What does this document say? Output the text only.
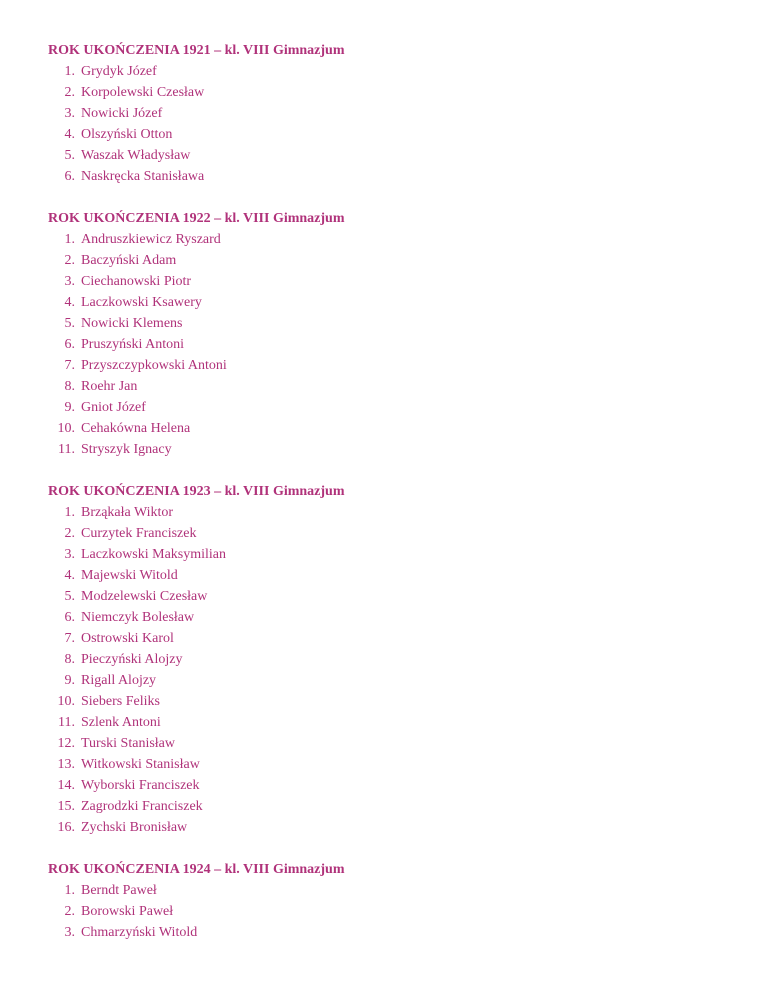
ROK UKOŃCZENIA 1921 – kl. VIII Gimnazjum
1. Grydyk Józef
2. Korpolewski Czesław
3. Nowicki Józef
4. Olszyński Otton
5. Waszak Władysław
6. Naskręcka Stanisława
ROK UKOŃCZENIA 1922 – kl. VIII Gimnazjum
1. Andruszkiewicz Ryszard
2. Baczyński Adam
3. Ciechanowski Piotr
4. Laczkowski Ksawery
5. Nowicki Klemens
6. Pruszyński Antoni
7. Przyszczypkowski Antoni
8. Roehr Jan
9. Gniot Józef
10. Cehakówna Helena
11. Stryszyk Ignacy
ROK UKOŃCZENIA 1923 – kl. VIII Gimnazjum
1. Brząkała Wiktor
2. Curzytek Franciszek
3. Laczkowski Maksymilian
4. Majewski Witold
5. Modzelewski Czesław
6. Niemczyk Bolesław
7. Ostrowski Karol
8. Pieczyński Alojzy
9. Rigall Alojzy
10. Siebers Feliks
11. Szlenk Antoni
12. Turski Stanisław
13. Witkowski Stanisław
14. Wyborski Franciszek
15. Zagrodzki Franciszek
16. Zychski Bronisław
ROK UKOŃCZENIA 1924 – kl. VIII Gimnazjum
1. Berndt Paweł
2. Borowski Paweł
3. Chmarzyński Witold
